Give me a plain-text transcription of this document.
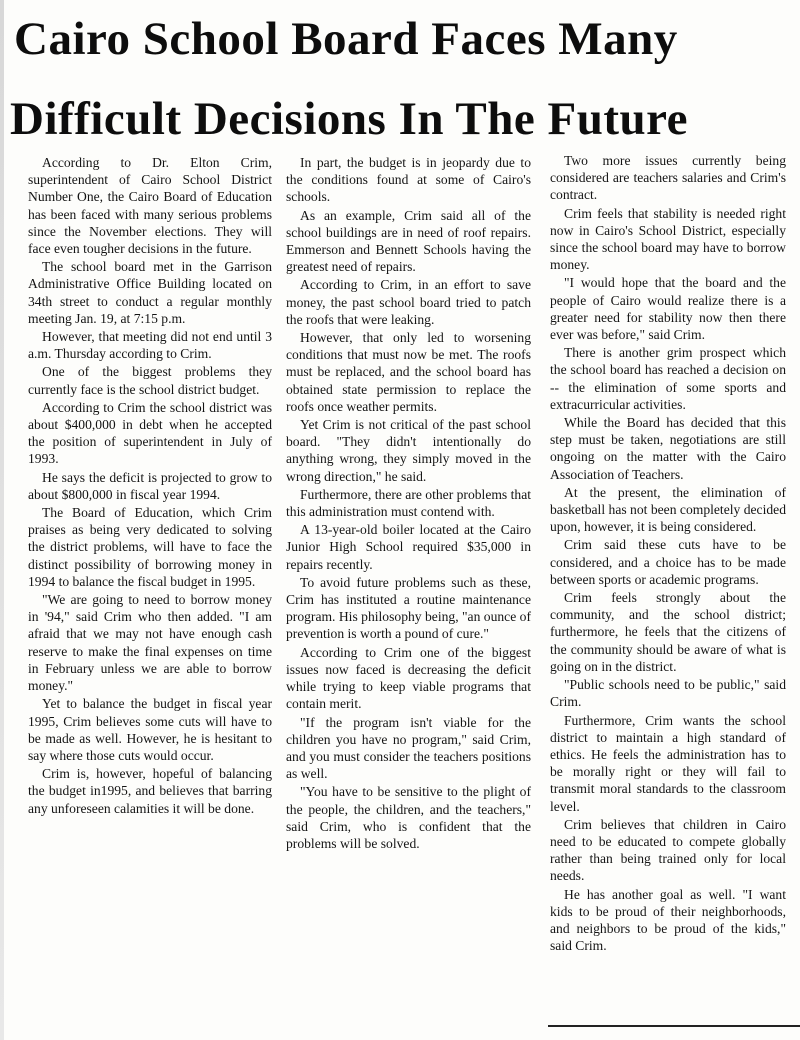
Cairo School Board Faces Many
Difficult Decisions In The Future

According to Dr. Elton Crim, superintendent of Cairo School District Number One, the Cairo Board of Education has been faced with many serious problems since the November elections. They will face even tougher decisions in the future.

The school board met in the Garrison Administrative Office Building located on 34th street to conduct a regular monthly meeting Jan. 19, at 7:15 p.m.

However, that meeting did not end until 3 a.m. Thursday according to Crim.

One of the biggest problems they currently face is the school district budget.

According to Crim the school district was about $400,000 in debt when he accepted the position of superintendent in July of 1993.

He says the deficit is projected to grow to about $800,000 in fiscal year 1994.

The Board of Education, which Crim praises as being very dedicated to solving the district problems, will have to face the distinct possibility of borrowing money in 1994 to balance the fiscal budget in 1995.

"We are going to need to borrow money in '94," said Crim who then added. "I am afraid that we may not have enough cash reserve to make the final expenses on time in February unless we are able to borrow money."

Yet to balance the budget in fiscal year 1995, Crim believes some cuts will have to be made as well. However, he is hesitant to say where those cuts would occur.

Crim is, however, hopeful of balancing the budget in1995, and believes that barring any unforeseen calamities it will be done.

In part, the budget is in jeopardy due to the conditions found at some of Cairo's schools.

As an example, Crim said all of the school buildings are in need of roof repairs. Emmerson and Bennett Schools having the greatest need of repairs.

According to Crim, in an effort to save money, the past school board tried to patch the roofs that were leaking.

However, that only led to worsening conditions that must now be met. The roofs must be replaced, and the school board has obtained state permission to replace the roofs once weather permits.

Yet Crim is not critical of the past school board. "They didn't intentionally do anything wrong, they simply moved in the wrong direction," he said.

Furthermore, there are other problems that this administration must contend with.

A 13-year-old boiler located at the Cairo Junior High School required $35,000 in repairs recently.

To avoid future problems such as these, Crim has instituted a routine maintenance program. His philosophy being, "an ounce of prevention is worth a pound of cure."

According to Crim one of the biggest issues now faced is decreasing the deficit while trying to keep viable programs that contain merit.

"If the program isn't viable for the children you have no program," said Crim, and you must consider the teachers positions as well.

"You have to be sensitive to the plight of the people, the children, and the teachers," said Crim, who is confident that the problems will be solved.

Two more issues currently being considered are teachers salaries and Crim's contract.

Crim feels that stability is needed right now in Cairo's School District, especially since the school board may have to borrow money.

"I would hope that the board and the people of Cairo would realize there is a greater need for stability now then there ever was before," said Crim.

There is another grim prospect which the school board has reached a decision on -- the elimination of some sports and extracurricular activities.

While the Board has decided that this step must be taken, negotiations are still ongoing on the matter with the Cairo Association of Teachers.

At the present, the elimination of basketball has not been completely decided upon, however, it is being considered.

Crim said these cuts have to be considered, and a choice has to be made between sports or academic programs.

Crim feels strongly about the community, and the school district; furthermore, he feels that the citizens of the community should be aware of what is going on in the district.

"Public schools need to be public," said Crim.

Furthermore, Crim wants the school district to maintain a high standard of ethics. He feels the administration has to be morally right or they will fail to transmit moral standards to the classroom level.

Crim believes that children in Cairo need to be educated to compete globally rather than being trained only for local needs.

He has another goal as well. "I want kids to be proud of their neighborhoods, and neighbors to be proud of the kids," said Crim.
